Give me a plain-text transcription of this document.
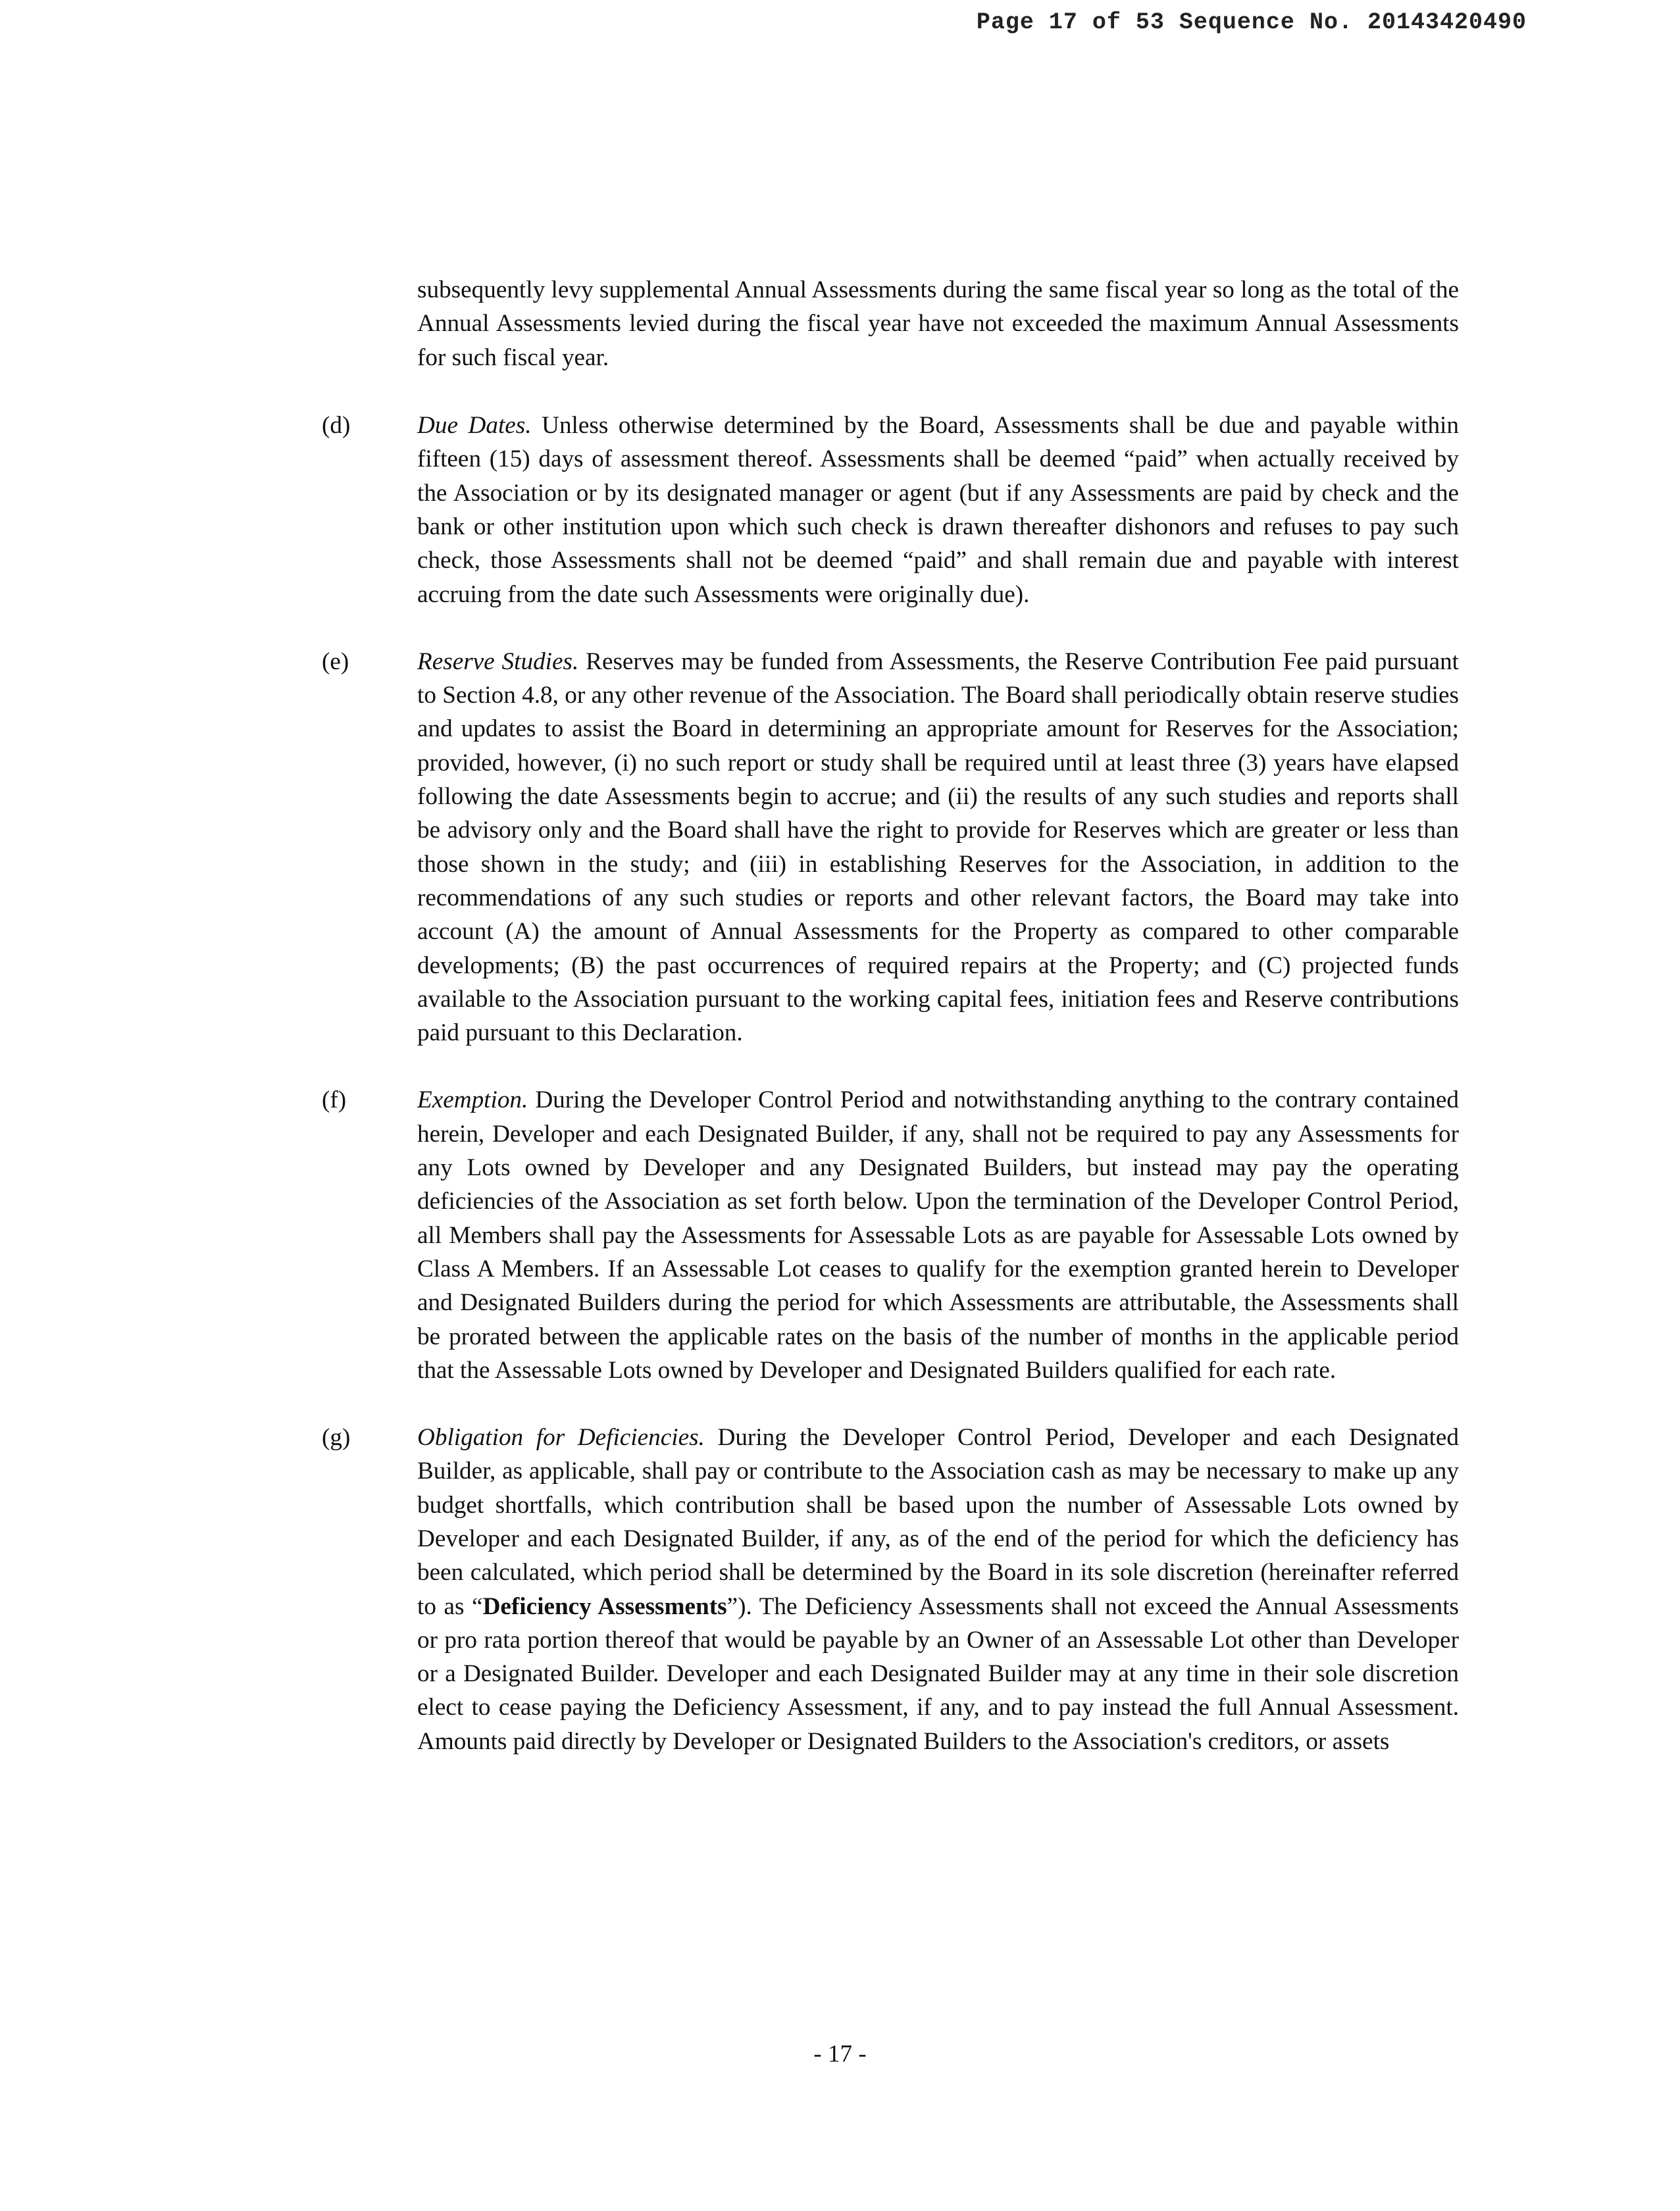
Page 17 of 53 Sequence No. 20143420490

subsequently levy supplemental Annual Assessments during the same fiscal year so long as the total of the Annual Assessments levied during the fiscal year have not exceeded the maximum Annual Assessments for such fiscal year.

(d)	Due Dates. Unless otherwise determined by the Board, Assessments shall be due and payable within fifteen (15) days of assessment thereof. Assessments shall be deemed “paid” when actually received by the Association or by its designated manager or agent (but if any Assessments are paid by check and the bank or other institution upon which such check is drawn thereafter dishonors and refuses to pay such check, those Assessments shall not be deemed “paid” and shall remain due and payable with interest accruing from the date such Assessments were originally due).

(e)	Reserve Studies. Reserves may be funded from Assessments, the Reserve Contribution Fee paid pursuant to Section 4.8, or any other revenue of the Association. The Board shall periodically obtain reserve studies and updates to assist the Board in determining an appropriate amount for Reserves for the Association; provided, however, (i) no such report or study shall be required until at least three (3) years have elapsed following the date Assessments begin to accrue; and (ii) the results of any such studies and reports shall be advisory only and the Board shall have the right to provide for Reserves which are greater or less than those shown in the study; and (iii) in establishing Reserves for the Association, in addition to the recommendations of any such studies or reports and other relevant factors, the Board may take into account (A) the amount of Annual Assessments for the Property as compared to other comparable developments; (B) the past occurrences of required repairs at the Property; and (C) projected funds available to the Association pursuant to the working capital fees, initiation fees and Reserve contributions paid pursuant to this Declaration.

(f)	Exemption. During the Developer Control Period and notwithstanding anything to the contrary contained herein, Developer and each Designated Builder, if any, shall not be required to pay any Assessments for any Lots owned by Developer and any Designated Builders, but instead may pay the operating deficiencies of the Association as set forth below. Upon the termination of the Developer Control Period, all Members shall pay the Assessments for Assessable Lots as are payable for Assessable Lots owned by Class A Members. If an Assessable Lot ceases to qualify for the exemption granted herein to Developer and Designated Builders during the period for which Assessments are attributable, the Assessments shall be prorated between the applicable rates on the basis of the number of months in the applicable period that the Assessable Lots owned by Developer and Designated Builders qualified for each rate.

(g)	Obligation for Deficiencies. During the Developer Control Period, Developer and each Designated Builder, as applicable, shall pay or contribute to the Association cash as may be necessary to make up any budget shortfalls, which contribution shall be based upon the number of Assessable Lots owned by Developer and each Designated Builder, if any, as of the end of the period for which the deficiency has been calculated, which period shall be determined by the Board in its sole discretion (hereinafter referred to as “Deficiency Assessments”). The Deficiency Assessments shall not exceed the Annual Assessments or pro rata portion thereof that would be payable by an Owner of an Assessable Lot other than Developer or a Designated Builder. Developer and each Designated Builder may at any time in their sole discretion elect to cease paying the Deficiency Assessment, if any, and to pay instead the full Annual Assessment. Amounts paid directly by Developer or Designated Builders to the Association's creditors, or assets

- 17 -
